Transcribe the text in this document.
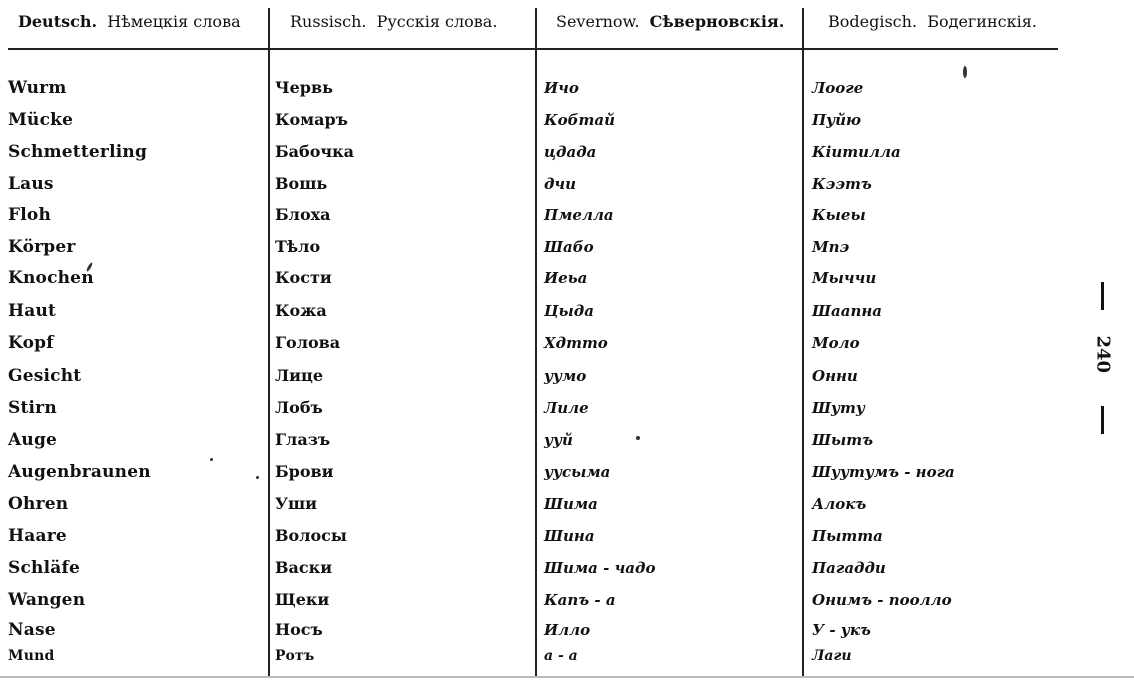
Deutsch. Нѣмецкія слова	Russisch. Русскія слова.	Severnow. Сѣверновскія.	Bodegisch. Бодегинскія.
Wurm	Червь	Ичо	Лооге
Mücke	Комаръ	Кобтай	Пуйю
Schmetterling	Бабочка	цдада	Кіитилла
Laus	Вошь	дчи	Кээтъ
Floh	Блоха	Пмелла	Кыеы
Körper	Тѣло	Шабо	Мпэ
Knochen	Кости	Иеьа	Мыччи
Haut	Кожа	Цыда	Шаапна
Kopf	Голова	Хдтто	Моло
Gesicht	Лице	уумо	Онни
Stirn	Лобъ	Лиле	Шуту
Auge	Глазъ	ууй	Шытъ
Augenbraunen	Брови	уусыма	Шуутумъ - нога
Ohren	Уши	Шима	Алокъ
Haare	Волосы	Шина	Пытта
Schläfe	Васки	Шима - чадо	Пагадди
Wangen	Щеки	Капъ - а	Онимъ - поолло
Nase	Носъ	Илло	У - укъ
Mund	Ротъ	а - а	Лаги
240
